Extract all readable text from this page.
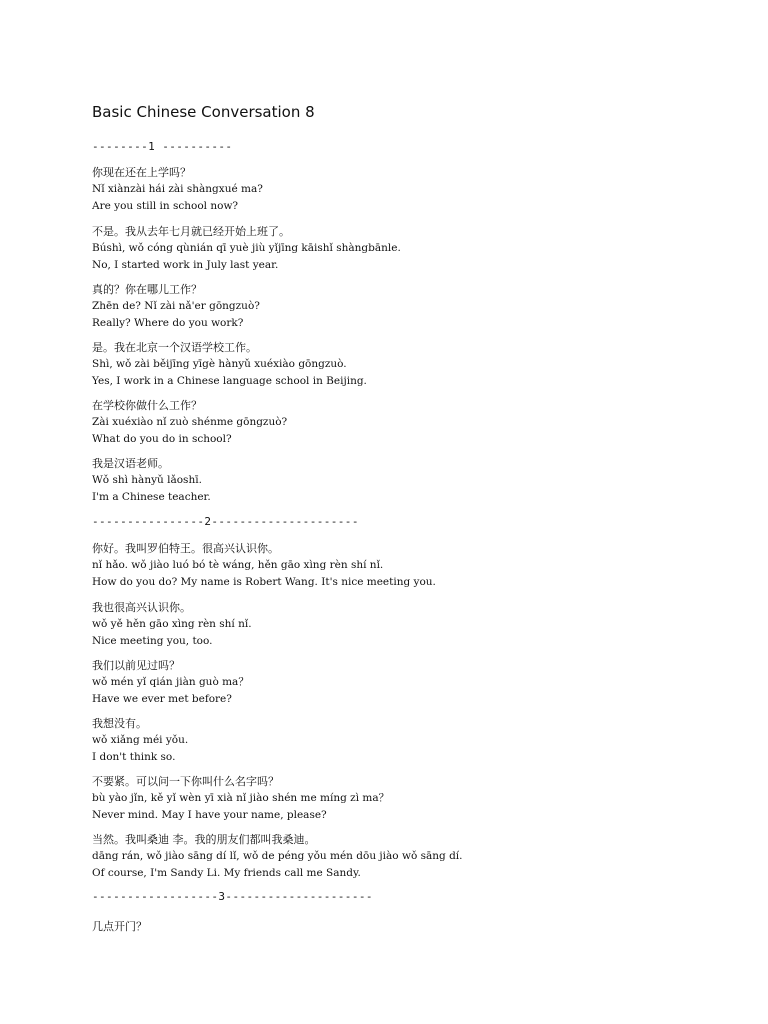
Basic Chinese Conversation 8
--------1 ----------

你现在还在上学吗？

Nǐ xiànzài hái zài shàngxué ma?

Are you still in school now?

不是。我从去年七月就已经开始上班了。

Búshì, wǒ cóng qùnián qī yuè jiù yǐjīng kāishǐ shàngbānle.

No, I started work in July last year.

真的？你在哪儿工作？

Zhēn de? Nǐ zài nǎ'er gōngzuò?

Really? Where do you work?

是。我在北京一个汉语学校工作。

Shì, wǒ zài běijīng yīgè hànyǔ xuéxiào gōngzuò.

Yes, I work in a Chinese language school in Beijing.

在学校你做什么工作？

Zài xuéxiào nǐ zuò shénme gōngzuò?

What do you do in school?

我是汉语老师。

Wǒ shì hànyǔ lǎoshī.

I'm a Chinese teacher.

----------------2---------------------

你好。我叫罗伯特王。很高兴认识你。

nǐ hǎo. wǒ jiào luó bó tè wáng, hěn gāo xìng rèn shí nǐ.

How do you do? My name is Robert Wang. It's nice meeting you.

我也很高兴认识你。

wǒ yě hěn gāo xìng rèn shí nǐ.

Nice meeting you, too.

我们以前见过吗？

wǒ mén yǐ qián jiàn guò ma？

Have we ever met before?

我想没有。

wǒ xiǎng méi yǒu.

I don't think so.

不要紧。可以问一下你叫什么名字吗？

bù yào jǐn, kě yǐ wèn yī xià nǐ jiào shén me míng zì ma？

Never mind. May I have your name, please?

当然。我叫桑迪 李。我的朋友们都叫我桑迪。

dāng rán, wǒ jiào sāng dí lǐ, wǒ de péng yǒu mén dōu jiào wǒ sāng dí.

Of course, I'm Sandy Li. My friends call me Sandy.

------------------3---------------------

几点开门？
